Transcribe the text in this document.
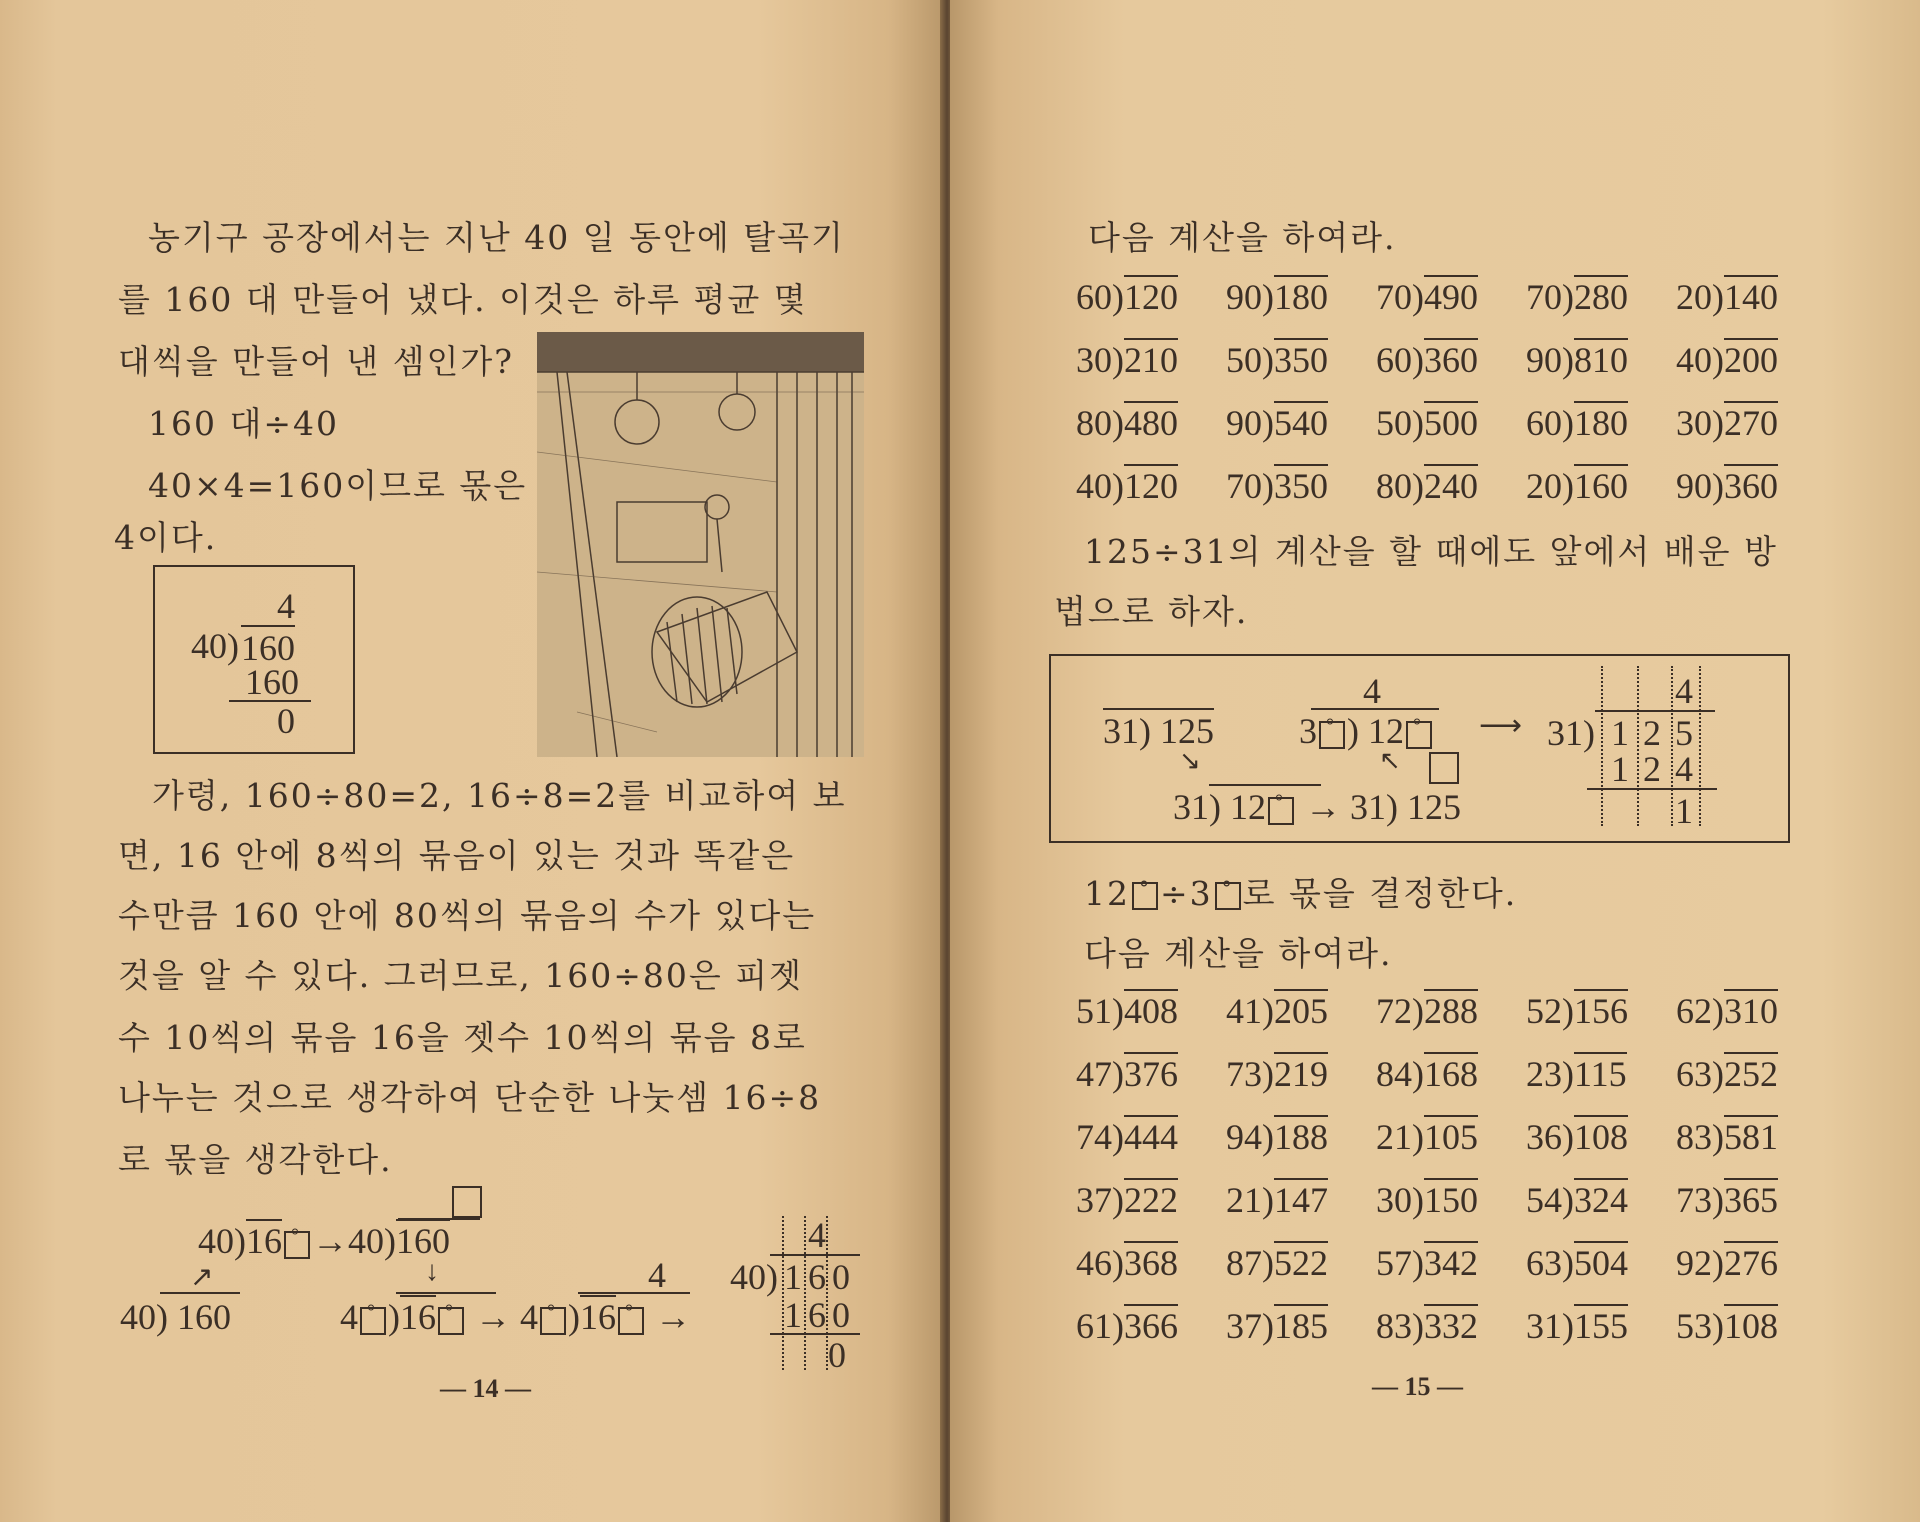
농기구 공장에서는 지난 40 일 동안에 탈곡기
를 160 대 만들어 냈다. 이것은 하루 평균 몇
대씩을 만들어 낸 셈인가?
160 대÷40
40×4=160이므로 몫은
4이다.
4
40) 160
160
0
가령, 160÷80=2, 16÷8=2를 비교하여 보
면, 16 안에 8씩의 묶음이 있는 것과 똑같은
수만큼 160 안에 80씩의 묶음의 수가 있다는
것을 알 수 있다. 그러므로, 160÷80은 피젯
수 10씩의 묶음 16을 젯수 10씩의 묶음 8로
나누는 것으로 생각하여 단순한 나눗셈 16÷8
로 몫을 생각한다.
40) 160
↗
40)16 ° →40)160
↓
4 ° )16 ° → 4 ° )16 ° →
4
4
40) 160
160
0
— 14 —
다음 계산을 하여라.
60)120 90)180 70)490 70)280 20)140
30)210 50)350 60)360 90)810 40)200
80)480 90)540 50)500 60)180 30)270
40)120 70)350 80)240 20)160 90)360
125÷31의 계산을 할 때에도 앞에서 배운 방
법으로 하자.
31) 125
↘
4
3 ° ) 12°
↖
31) 12 ° → 31) 125
⟶ 31)
4
1 2 5
1 2 4
1
12 ° ÷3 ° 로 몫을 결정한다.
다음 계산을 하여라.
51)408 41)205 72)288 52)156 62)310
47)376 73)219 84)168 23)115 63)252
74)444 94)188 21)105 36)108 83)581
37)222 21)147 30)150 54)324 73)365
46)368 87)522 57)342 63)504 92)276
61)366 37)185 83)332 31)155 53)108
— 15 —
